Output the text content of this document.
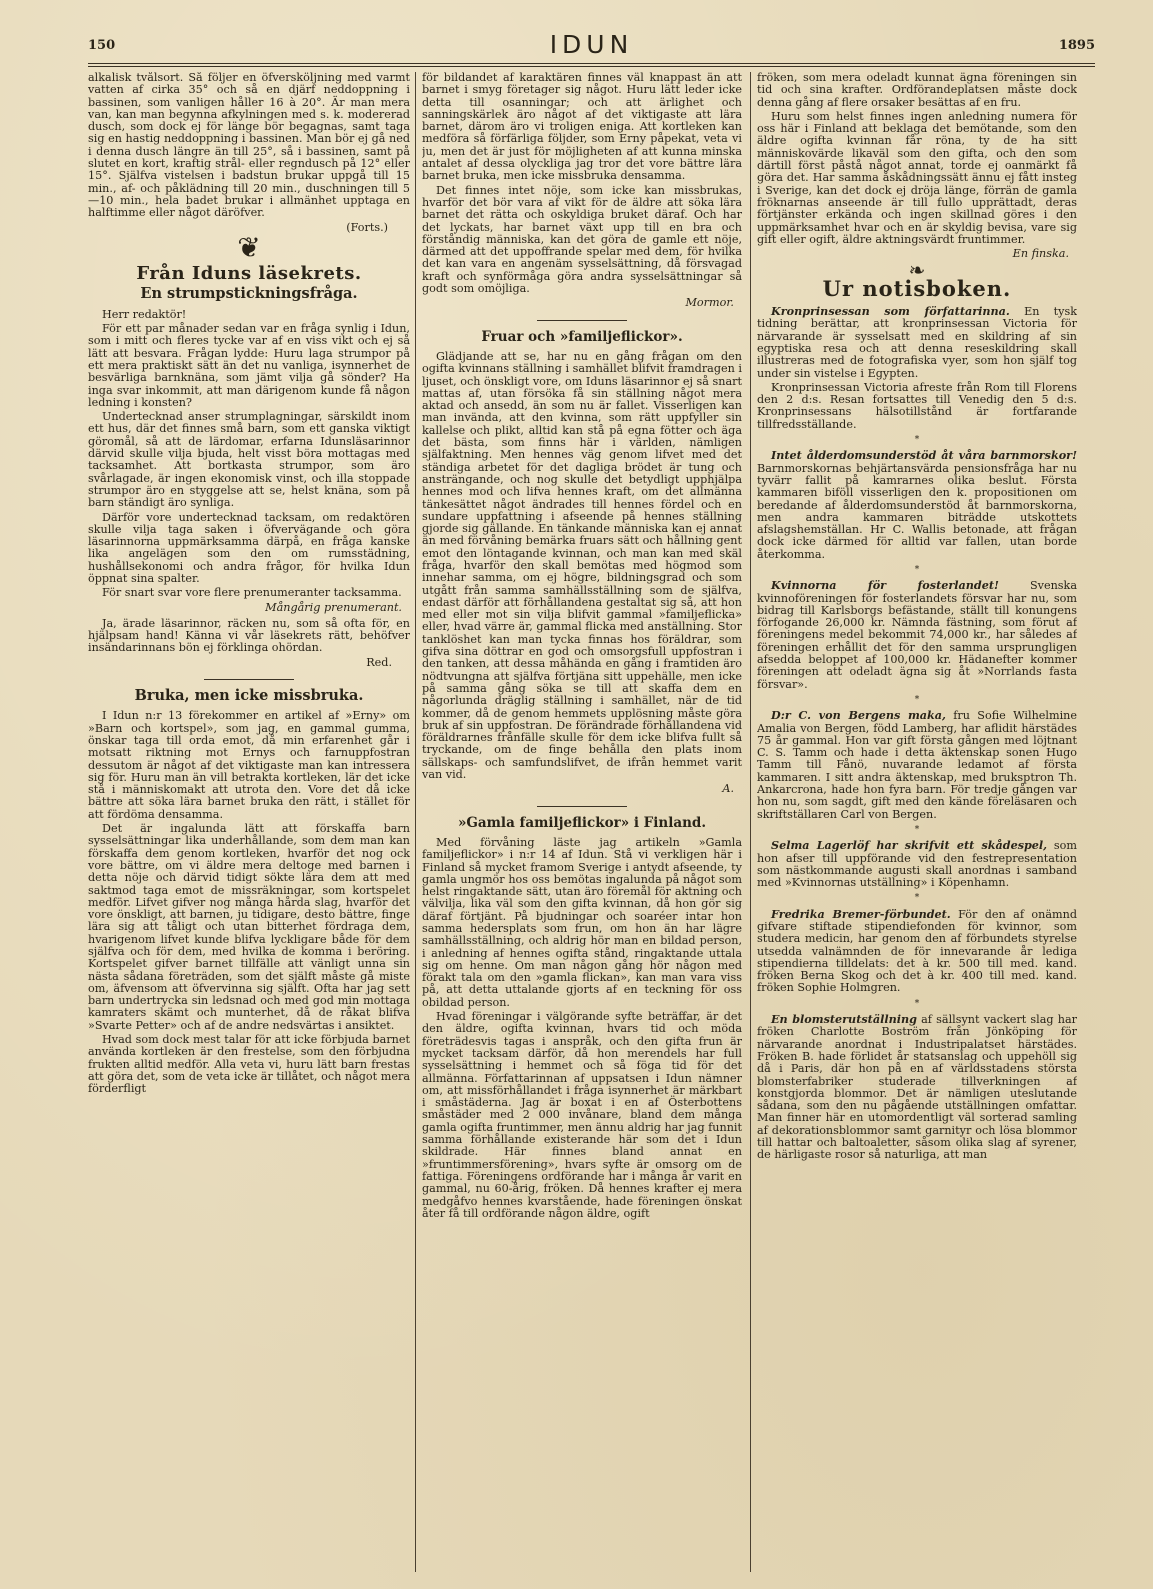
150	IDUN	1895

alkalisk tvålsort. Så följer en öfversköljning med varmt vatten af cirka 35° och så en djärf neddoppning i bassinen, som vanligen håller 16 à 20°. Är man mera van, kan man begynna afkylningen med s. k. modererad dusch, som dock ej för länge bör begagnas, samt taga sig en hastig neddoppning i bassinen. Man bör ej gå ned i denna dusch längre än till 25°, så i bassinen, samt på slutet en kort, kraftig strål- eller regndusch på 12° eller 15°. Själfva vistelsen i badstun brukar uppgå till 15 min., af- och påklädning till 20 min., duschningen till 5—10 min., hela badet brukar i allmänhet upptaga en halftimme eller något däröfver.

(Forts.)
❦
Från Iduns läsekrets.
En strumpstickningsfråga.

Herr redaktör!

För ett par månader sedan var en fråga synlig i Idun, som i mitt och fleres tycke var af en viss vikt och ej så lätt att besvara. Frågan lydde: Huru laga strumpor på ett mera praktiskt sätt än det nu vanliga, isynnerhet de besvärliga barnknäna, som jämt vilja gå sönder? Ha inga svar inkommit, att man därigenom kunde få någon ledning i konsten?

Undertecknad anser strumplagningar, särskildt inom ett hus, där det finnes små barn, som ett ganska viktigt göromål, så att de lärdomar, erfarna Idunsläsarinnor därvid skulle vilja bjuda, helt visst böra mottagas med tacksamhet. Att bortkasta strumpor, som äro svårlagade, är ingen ekonomisk vinst, och illa stoppade strumpor äro en styggelse att se, helst knäna, som på barn ständigt äro synliga.

Därför vore undertecknad tacksam, om redaktören skulle vilja taga saken i öfvervägande och göra läsarinnorna uppmärksamma därpå, en fråga kanske lika angelägen som den om rumsstädning, hushållsekonomi och andra frågor, för hvilka Idun öppnat sina spalter.

För snart svar vore flere prenumeranter tacksamma.

Mångårig prenumerant.

Ja, ärade läsarinnor, räcken nu, som så ofta för, en hjälpsam hand! Känna vi vår läsekrets rätt, behöfver insändarinnans bön ej förklinga ohördan.

Red.
Bruka, men icke missbruka.

I Idun n:r 13 förekommer en artikel af »Erny» om »Barn och kortspel», som jag, en gammal gumma, önskar taga till orda emot, då min erfarenhet går i motsatt riktning mot Ernys och farnuppfostran dessutom är något af det viktigaste man kan intressera sig för. Huru man än vill betrakta kortleken, lär det icke stå i människomakt att utrota den. Vore det då icke bättre att söka lära barnet bruka den rätt, i stället för att fördöma densamma.

Det är ingalunda lätt att förskaffa barn sysselsättningar lika underhållande, som dem man kan förskaffa dem genom kortleken, hvarför det nog ock vore bättre, om vi äldre mera deltoge med barnen i detta nöje och därvid tidigt sökte lära dem att med saktmod taga emot de missräkningar, som kortspelet medför. Lifvet gifver nog många hårda slag, hvarför det vore önskligt, att barnen, ju tidigare, desto bättre, finge lära sig att tåligt och utan bitterhet fördraga dem, hvarigenom lifvet kunde blifva lyckligare både för dem själfva och för dem, med hvilka de komma i beröring. Kortspelet gifver barnet tillfälle att vänligt unna sin nästa sådana företräden, som det själft måste gå miste om, äfvensom att öfvervinna sig själft. Ofta har jag sett barn undertrycka sin ledsnad och med god min mottaga kamraters skämt och munterhet, då de råkat blifva »Svarte Petter» och af de andre nedsvärtas i ansiktet.

Hvad som dock mest talar för att icke förbjuda barnet använda kortleken är den frestelse, som den förbjudna frukten alltid medför. Alla veta vi, huru lätt barn frestas att göra det, som de veta icke är tillåtet, och något mera förderfligt

för bildandet af karaktären finnes väl knappast än att barnet i smyg företager sig något. Huru lätt leder icke detta till osanningar; och att ärlighet och sanningskärlek äro något af det viktigaste att lära barnet, därom äro vi troligen eniga. Att kortleken kan medföra så förfärliga följder, som Erny påpekat, veta vi ju, men det är just för möjligheten af att kunna minska antalet af dessa olyckliga jag tror det vore bättre lära barnet bruka, men icke missbruka densamma.

Det finnes intet nöje, som icke kan missbrukas, hvarför det bör vara af vikt för de äldre att söka lära barnet det rätta och oskyldiga bruket däraf. Och har det lyckats, har barnet växt upp till en bra och förståndig människa, kan det göra de gamle ett nöje, därmed att det uppoffrande spelar med dem, för hvilka det kan vara en angenäm sysselsättning, då försvagad kraft och synförmåga göra andra sysselsättningar så godt som omöjliga.

Mormor.
Fruar och »familjeflickor».

Glädjande att se, har nu en gång frågan om den ogifta kvinnans ställning i samhället blifvit framdragen i ljuset, och önskligt vore, om Iduns läsarinnor ej så snart mattas af, utan försöka få sin ställning något mera aktad och ansedd, än som nu är fallet. Visserligen kan man invända, att den kvinna, som rätt uppfyller sin kallelse och plikt, alltid kan stå på egna fötter och äga det bästa, som finns här i världen, nämligen själfaktning. Men hennes väg genom lifvet med det ständiga arbetet för det dagliga brödet är tung och ansträngande, och nog skulle det betydligt upphjälpa hennes mod och lifva hennes kraft, om det allmänna tänkesättet något ändrades till hennes fördel och en sundare uppfattning i afseende på hennes ställning gjorde sig gällande. En tänkande människa kan ej annat än med förvåning bemärka fruars sätt och hållning gent emot den löntagande kvinnan, och man kan med skäl fråga, hvarför den skall bemötas med högmod som innehar samma, om ej högre, bildningsgrad och som utgått från samma samhällsställning som de själfva, endast därför att förhållandena gestaltat sig så, att hon med eller mot sin vilja blifvit gammal »familjeflicka» eller, hvad värre är, gammal flicka med anställning. Stor tanklöshet kan man tycka finnas hos föräldrar, som gifva sina döttrar en god och omsorgsfull uppfostran i den tanken, att dessa måhända en gång i framtiden äro nödtvungna att själfva förtjäna sitt uppehälle, men icke på samma gång söka se till att skaffa dem en någorlunda dräglig ställning i samhället, när de tid kommer, då de genom hemmets upplösning måste göra bruk af sin uppfostran. De förändrade förhållandena vid föräldrarnes frånfälle skulle för dem icke blifva fullt så tryckande, om de finge behålla den plats inom sällskaps- och samfundslifvet, de ifrån hemmet varit van vid.

A.
»Gamla familjeflickor» i Finland.

Med förvåning läste jag artikeln »Gamla familjeflickor» i n:r 14 af Idun. Stå vi verkligen här i Finland så mycket framom Sverige i antydt afseende, ty gamla ungmör hos oss bemötas ingalunda på något som helst ringaktande sätt, utan äro föremål för aktning och välvilja, lika väl som den gifta kvinnan, då hon gör sig däraf förtjänt. På bjudningar och soaréer intar hon samma hedersplats som frun, om hon än har lägre samhällsställning, och aldrig hör man en bildad person, i anledning af hennes ogifta stånd, ringaktande uttala sig om henne. Om man någon gång hör någon med förakt tala om den »gamla flickan», kan man vara viss på, att detta uttalande gjorts af en teckning för oss obildad person.

Hvad föreningar i välgörande syfte beträffar, är det den äldre, ogifta kvinnan, hvars tid och möda företrädesvis tagas i anspråk, och den gifta frun är mycket tacksam därför, då hon merendels har full sysselsättning i hemmet och så föga tid för det allmänna. Författarinnan af uppsatsen i Idun nämner om, att missförhållandet i fråga isynnerhet är märkbart i småstäderna. Jag är boxat i en af Österbottens småstäder med 2 000 invånare, bland dem många gamla ogifta fruntimmer, men ännu aldrig har jag funnit samma förhållande existerande här som det i Idun skildrade. Här finnes bland annat en »fruntimmersförening», hvars syfte är omsorg om de fattiga. Föreningens ordförande har i många år varit en gammal, nu 60-årig, fröken. Då hennes krafter ej mera medgåfvo hennes kvarstående, hade föreningen önskat åter få till ordförande någon äldre, ogift

fröken, som mera odeladt kunnat ägna föreningen sin tid och sina krafter. Ordförandeplatsen måste dock denna gång af flere orsaker besättas af en fru.

Huru som helst finnes ingen anledning numera för oss här i Finland att beklaga det bemötande, som den äldre ogifta kvinnan får röna, ty de ha sitt människovärde likaväl som den gifta, och den som därtill först påstå något annat, torde ej oanmärkt få göra det. Har samma åskådningssätt ännu ej fått insteg i Sverige, kan det dock ej dröja länge, förrän de gamla fröknarnas anseende är till fullo upprättadt, deras förtjänster erkända och ingen skillnad göres i den uppmärksamhet hvar och en är skyldig bevisa, vare sig gift eller ogift, äldre aktningsvärdt fruntimmer.

En finska.
❧
Ur notisboken.

Kronprinsessan som författarinna. En tysk tidning berättar, att kronprinsessan Victoria för närvarande är sysselsatt med en skildring af sin egyptiska resa och att denna reseskildring skall illustreras med de fotografiska vyer, som hon själf tog under sin vistelse i Egypten.

Kronprinsessan Victoria afreste från Rom till Florens den 2 d:s. Resan fortsattes till Venedig den 5 d:s. Kronprinsessans hälsotillstånd är fortfarande tillfredsställande.

*

Intet ålderdomsunderstöd åt våra barnmorskor! Barnmorskornas behjärtansvärda pensionsfråga har nu tyvärr fallit på kamrarnes olika beslut. Första kammaren biföll visserligen den k. propositionen om beredande af ålderdomsunderstöd åt barnmorskorna, men andra kammaren biträdde utskottets afslagshemställan. Hr C. Wallis betonade, att frågan dock icke därmed för alltid var fallen, utan borde återkomma.

*

Kvinnorna för fosterlandet!	Svenska kvinnoföreningen för fosterlandets försvar har nu, som bidrag till Karlsborgs befästande, ställt till konungens förfogande 26,000 kr. Nämnda fästning, som förut af föreningens medel bekommit 74,000 kr., har således af föreningen erhållit det för den samma ursprungligen afsedda beloppet af 100,000 kr. Hädanefter kommer föreningen att odeladt ägna sig åt »Norrlands fasta försvar».

*

D:r C. von Bergens maka, fru Sofie Wilhelmine Amalia von Bergen, född Lamberg, har aflidit härstädes 75 år gammal. Hon var gift första gången med löjtnant C. S. Tamm och hade i detta äktenskap sonen Hugo Tamm till Fånö, nuvarande ledamot af första kammaren. I sitt andra äktenskap, med bruksptron Th. Ankarcrona, hade hon fyra barn. För tredje gången var hon nu, som sagdt, gift med den kände föreläsaren och skriftställaren Carl von Bergen.

*

Selma Lagerlöf har skrifvit ett skådespel, som hon afser till uppförande vid den festrepresentation som nästkommande augusti skall anordnas i samband med »Kvinnornas utställning» i Köpenhamn.

*

Fredrika Bremer-förbundet. För den af onämnd gifvare stiftade stipendiefonden för kvinnor, som studera medicin, har genom den af förbundets styrelse utsedda valnämnden de för innevarande år lediga stipendierna tilldelats: det à kr. 500 till med. kand. fröken Berna Skog och det à kr. 400 till med. kand. fröken Sophie Holmgren.

*

En blomsterutställning af sällsynt vackert slag har fröken Charlotte Boström från Jönköping för närvarande anordnat i Industripalatset härstädes. Fröken B. hade förlidet år statsanslag och uppehöll sig då i Paris, där hon på en af världsstadens största blomsterfabriker studerade tillverkningen af konstgjorda blommor. Det är nämligen uteslutande sådana, som den nu pågående utställningen omfattar. Man finner här en utomordentligt väl sorterad samling af dekorationsblommor samt garnityr och lösa blommor till hattar och baltoaletter, såsom olika slag af syrener, de härligaste rosor så naturliga, att man
